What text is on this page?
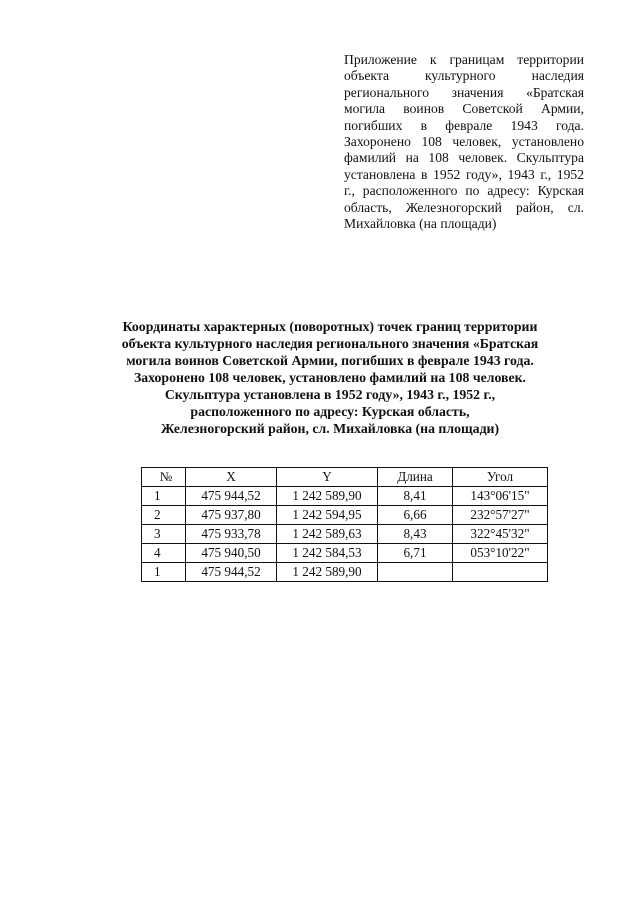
Приложение к границам территории объекта культурного наследия регионального значения «Братская могила воинов Советской Армии, погибших в феврале 1943 года. Захоронено 108 человек, установлено фамилий на 108 человек. Скульптура установлена в 1952 году», 1943 г., 1952 г., расположенного по адресу: Курская область, Железногорский район, сл. Михайловка (на площади)

Координаты характерных (поворотных) точек границ территории
объекта культурного наследия регионального значения «Братская
могила воинов Советской Армии, погибших в феврале 1943 года.
Захоронено 108 человек, установлено фамилий на 108 человек.
Скульптура установлена в 1952 году», 1943 г., 1952 г.,
расположенного по адресу: Курская область,
Железногорский район, сл. Михайловка (на площади)
№	X	Y	Длина	Угол
1	475 944,52	1 242 589,90	8,41	143°06'15"
2	475 937,80	1 242 594,95	6,66	232°57'27"
3	475 933,78	1 242 589,63	8,43	322°45'32"
4	475 940,50	1 242 584,53	6,71	053°10'22"
1	475 944,52	1 242 589,90		
